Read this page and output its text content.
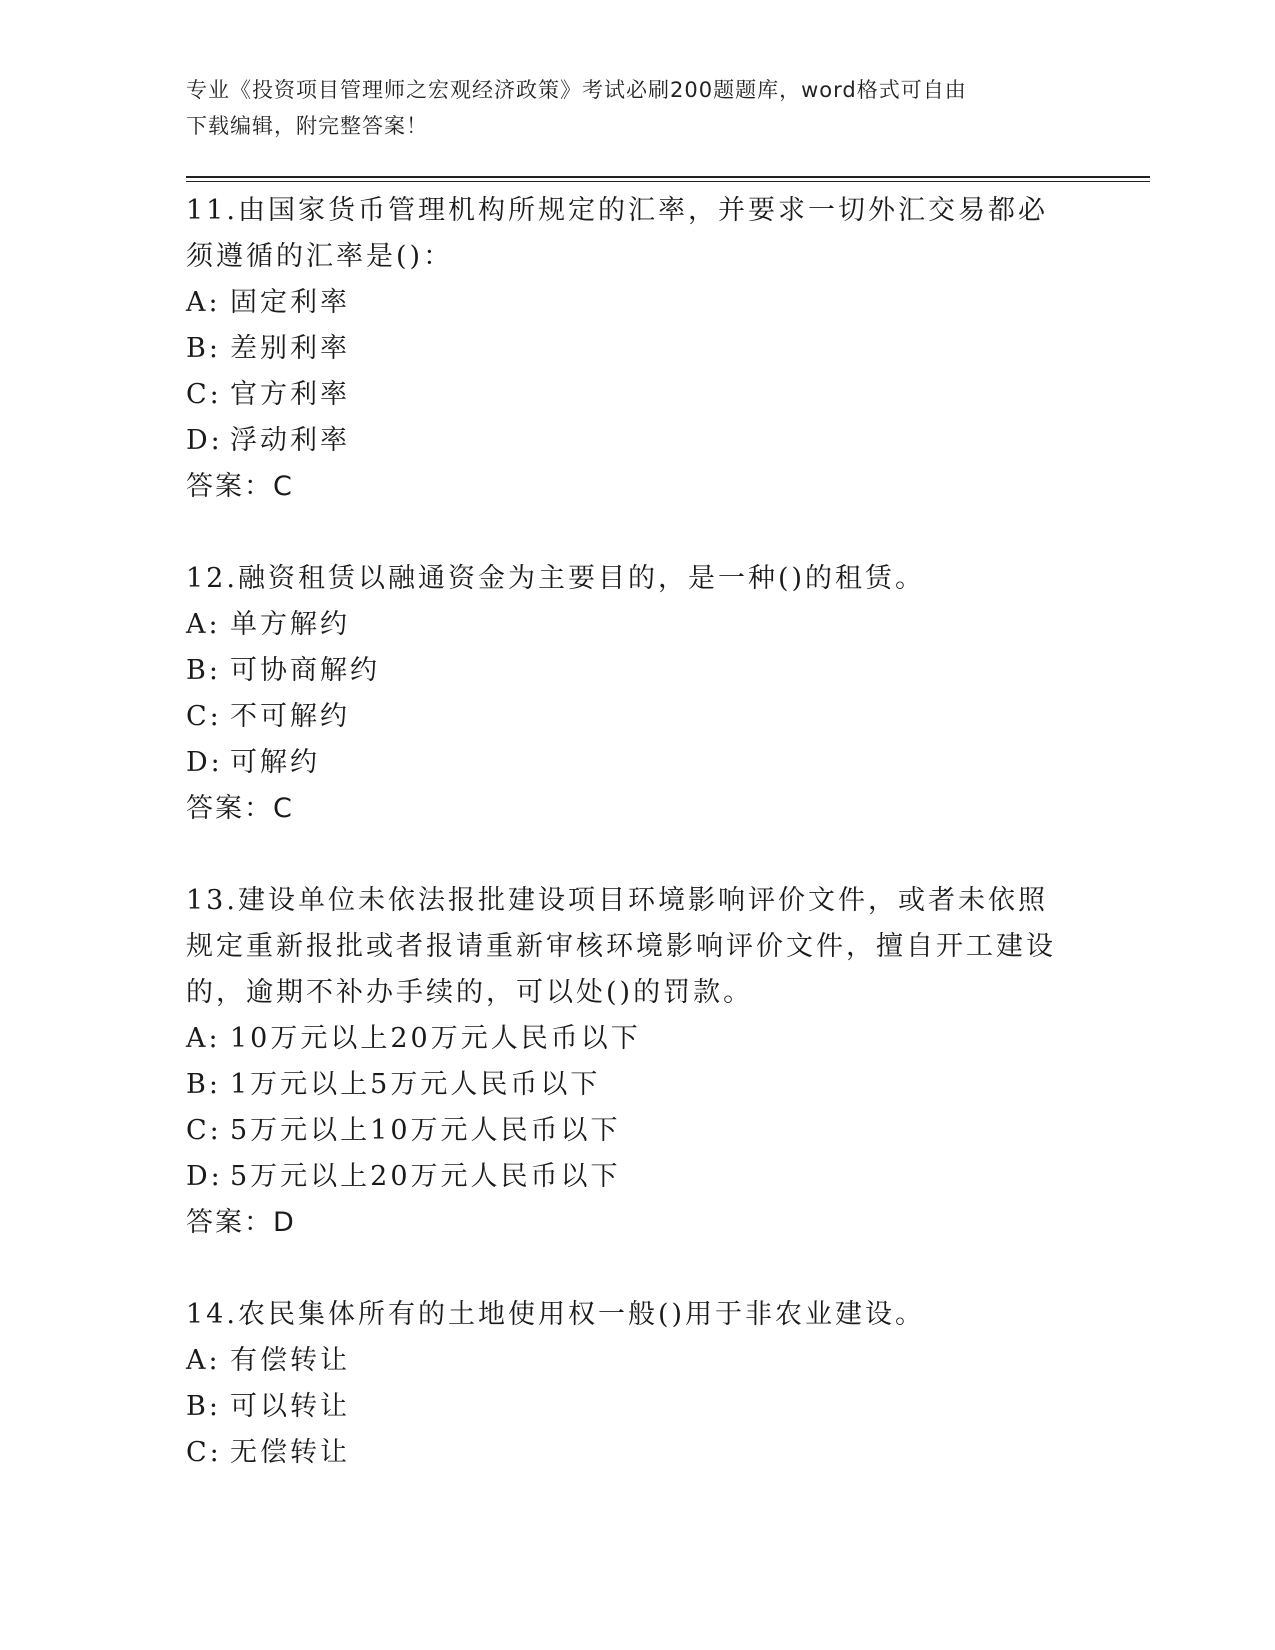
专业《投资项目管理师之宏观经济政策》考试必刷200题题库，word格式可自由
下载编辑，附完整答案！
11.由国家货币管理机构所规定的汇率，并要求一切外汇交易都必须遵循的汇率是()：
A: 固定利率
B: 差别利率
C: 官方利率
D: 浮动利率
答案：C
12.融资租赁以融通资金为主要目的，是一种()的租赁。
A: 单方解约
B: 可协商解约
C: 不可解约
D: 可解约
答案：C
13.建设单位未依法报批建设项目环境影响评价文件，或者未依照规定重新报批或者报请重新审核环境影响评价文件，擅自开工建设的，逾期不补办手续的，可以处()的罚款。
A: 10万元以上20万元人民币以下
B: 1万元以上5万元人民币以下
C: 5万元以上10万元人民币以下
D: 5万元以上20万元人民币以下
答案：D
14.农民集体所有的土地使用权一般()用于非农业建设。
A: 有偿转让
B: 可以转让
C: 无偿转让
